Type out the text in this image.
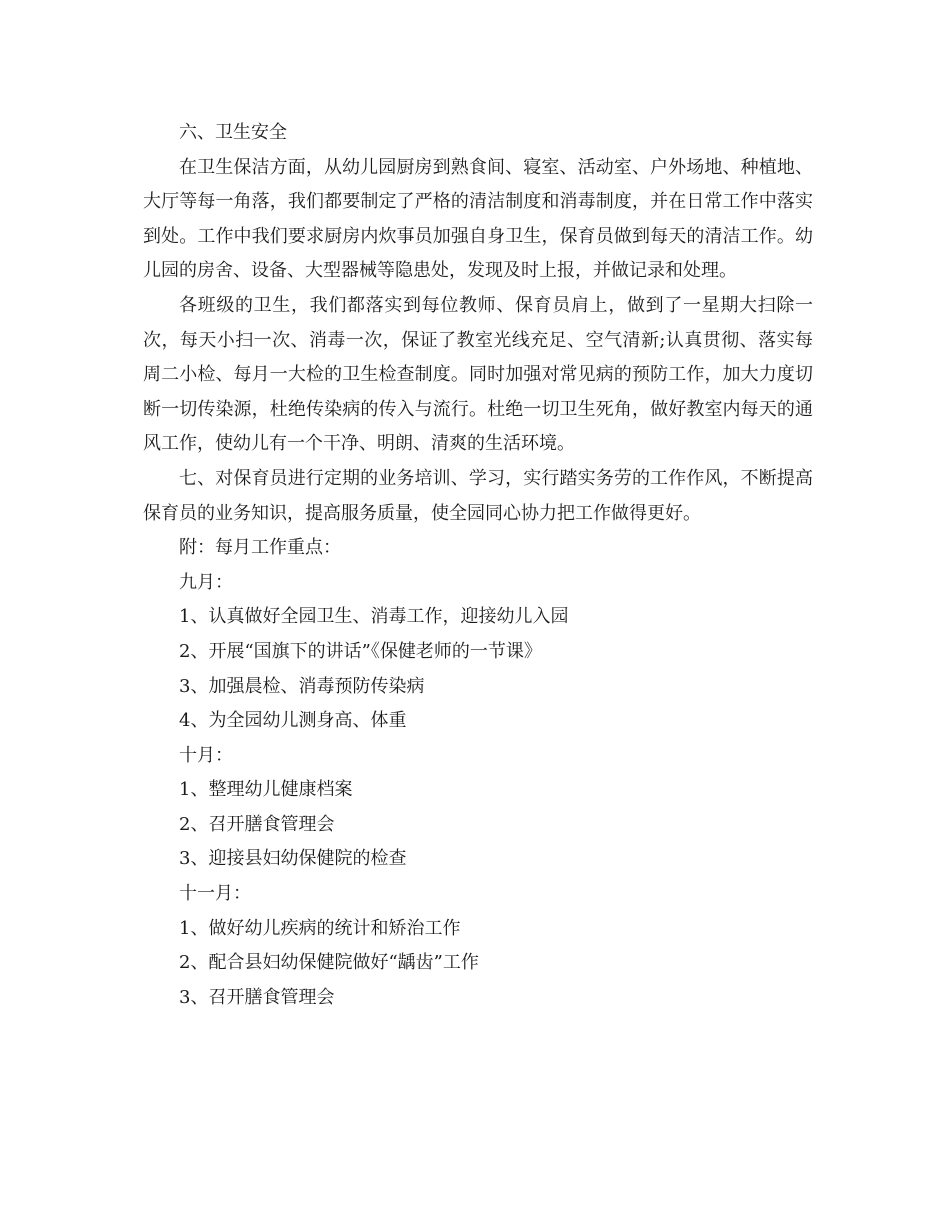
六、卫生安全

在卫生保洁方面，从幼儿园厨房到熟食间、寝室、活动室、户外场地、种植地、大厅等每一角落，我们都要制定了严格的清洁制度和消毒制度，并在日常工作中落实到处。工作中我们要求厨房内炊事员加强自身卫生，保育员做到每天的清洁工作。幼儿园的房舍、设备、大型器械等隐患处，发现及时上报，并做记录和处理。

各班级的卫生，我们都落实到每位教师、保育员肩上，做到了一星期大扫除一次，每天小扫一次、消毒一次，保证了教室光线充足、空气清新;认真贯彻、落实每周二小检、每月一大检的卫生检查制度。同时加强对常见病的预防工作，加大力度切断一切传染源，杜绝传染病的传入与流行。杜绝一切卫生死角，做好教室内每天的通风工作，使幼儿有一个干净、明朗、清爽的生活环境。

七、对保育员进行定期的业务培训、学习，实行踏实务劳的工作作风，不断提高保育员的业务知识，提高服务质量，使全园同心协力把工作做得更好。

附：每月工作重点：

九月：

1、认真做好全园卫生、消毒工作，迎接幼儿入园

2、开展“国旗下的讲话”《保健老师的一节课》

3、加强晨检、消毒预防传染病

4、为全园幼儿测身高、体重

十月：

1、整理幼儿健康档案

2、召开膳食管理会

3、迎接县妇幼保健院的检查

十一月：

1、做好幼儿疾病的统计和矫治工作

2、配合县妇幼保健院做好“龋齿”工作

3、召开膳食管理会
